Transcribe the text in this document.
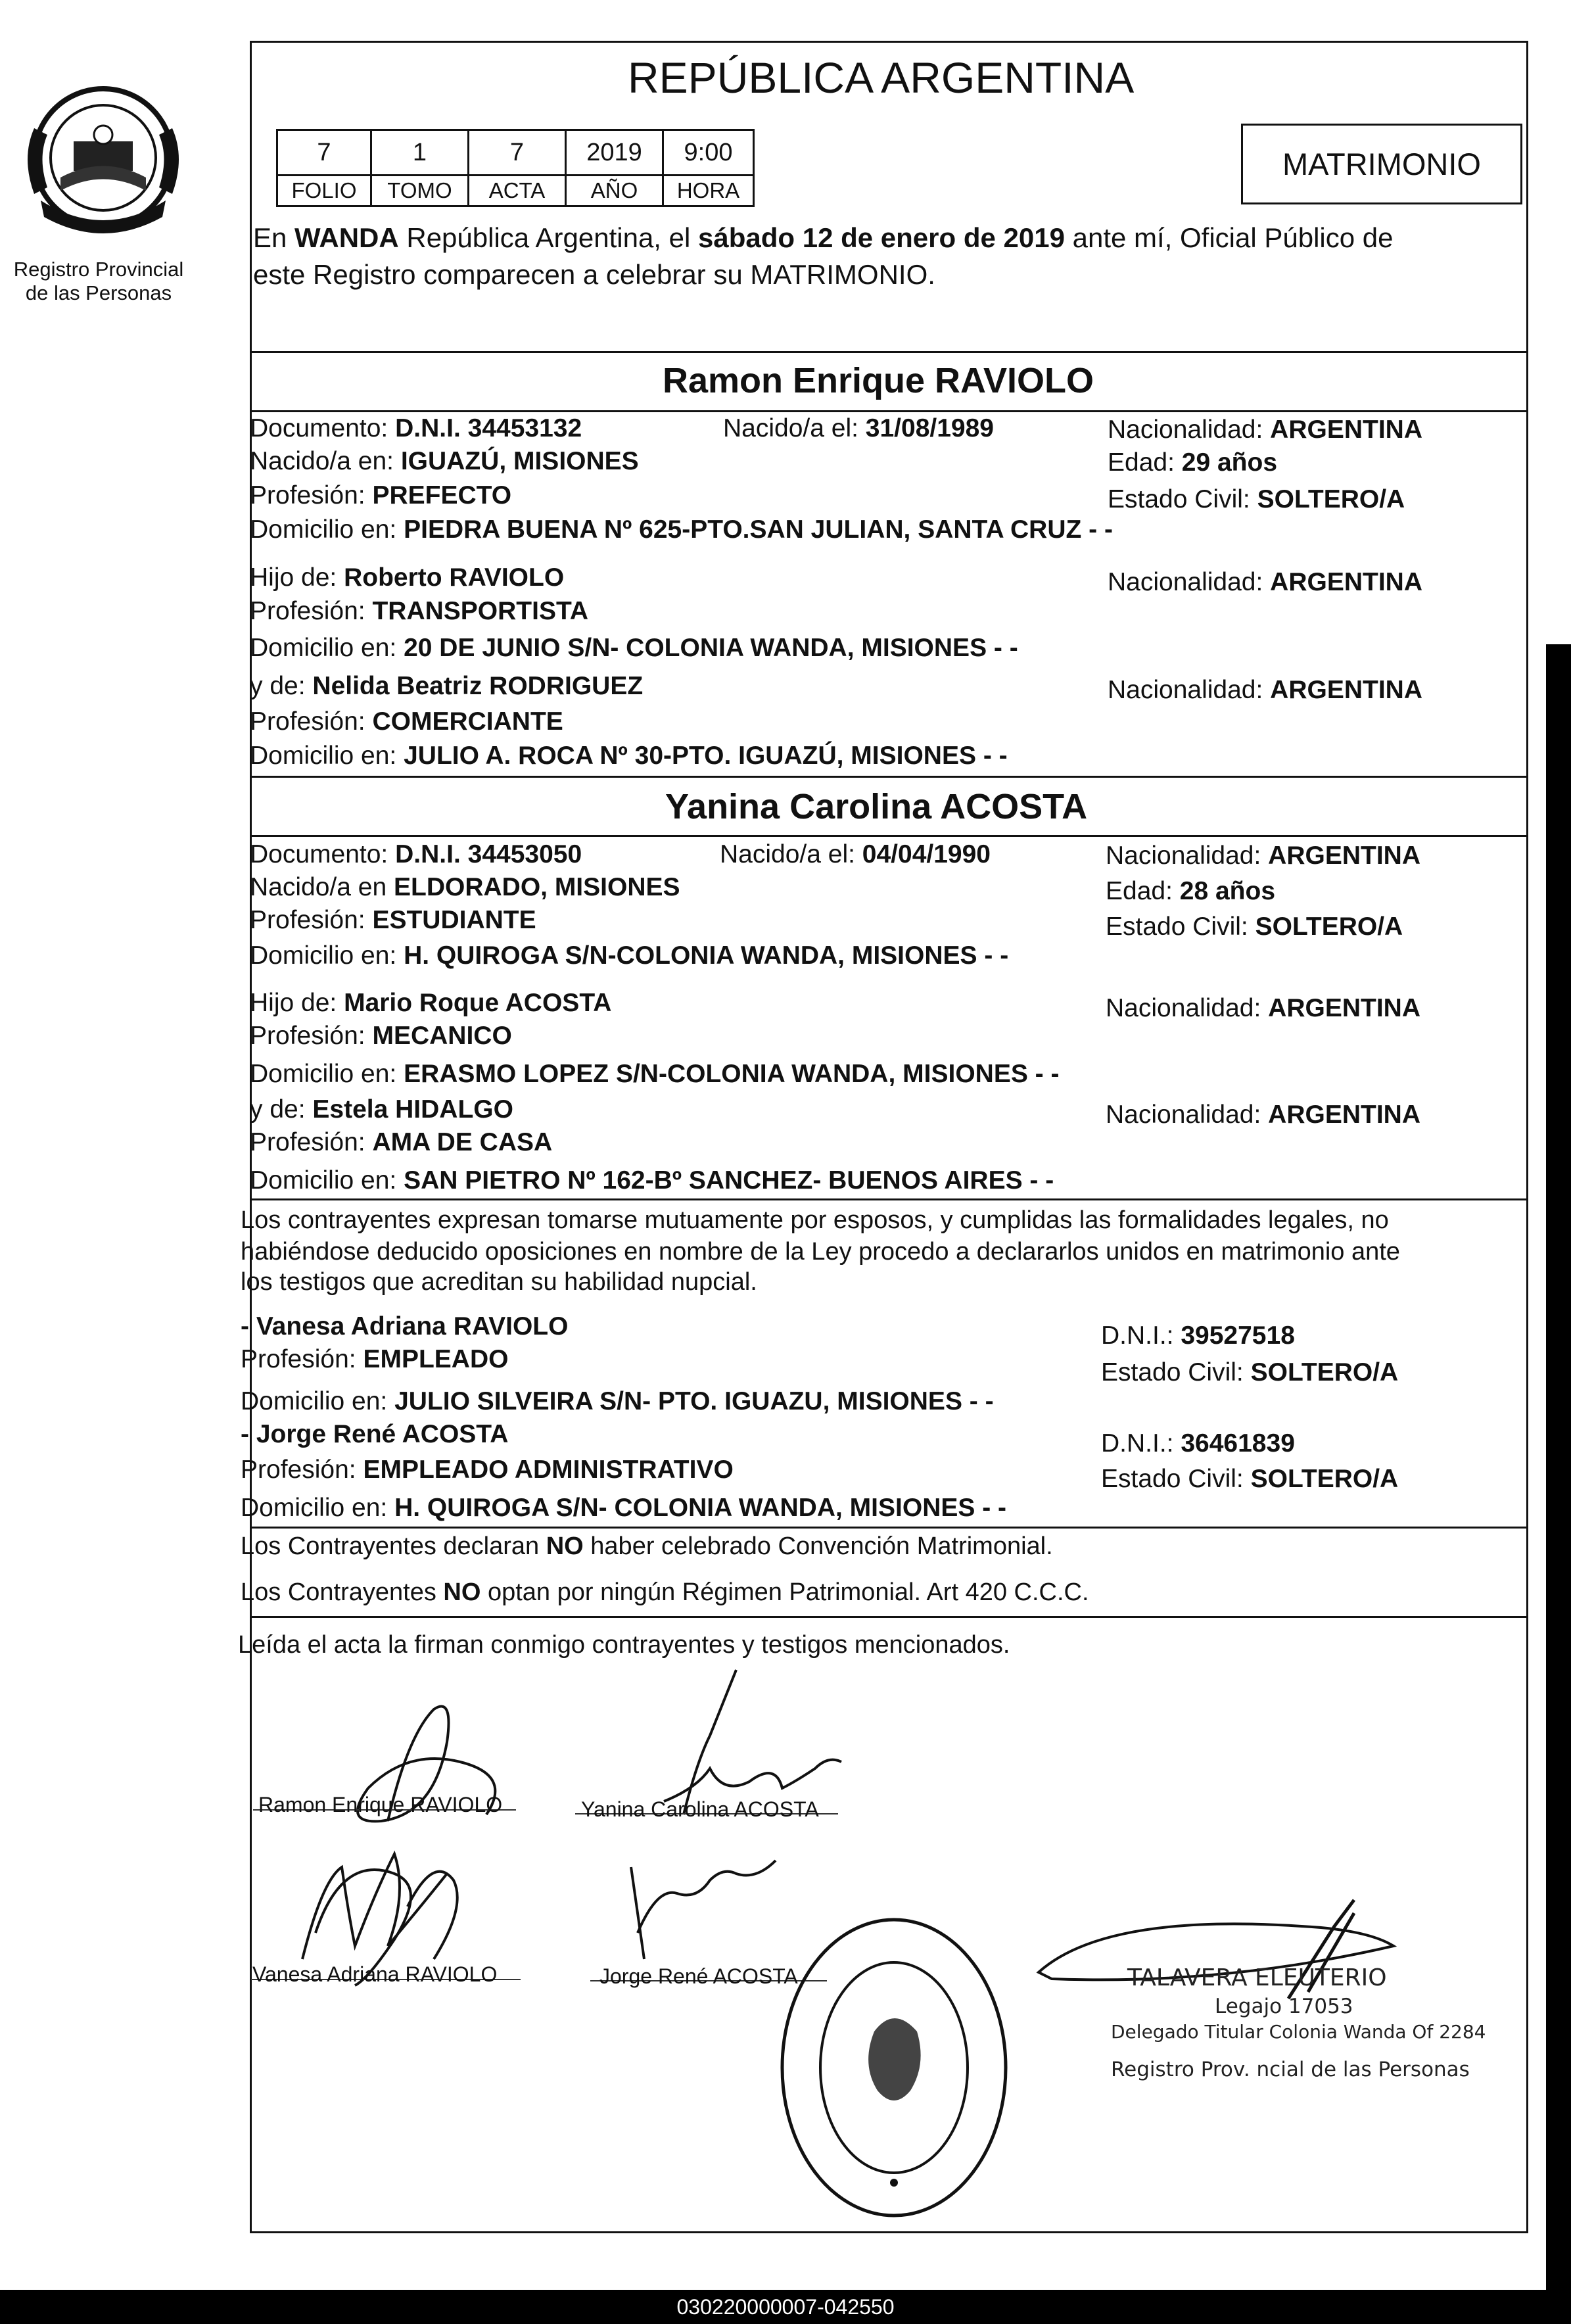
Registro Provincial
de las Personas
REPÚBLICA ARGENTINA
7	1	7	2019	9:00
FOLIO	TOMO	ACTA	AÑO	HORA
MATRIMONIO
En WANDA República Argentina, el sábado 12 de enero de 2019 ante mí, Oficial Público de
este Registro comparecen a celebrar su MATRIMONIO.
Ramon Enrique RAVIOLO
Documento: D.N.I. 34453132	Nacido/a el: 31/08/1989	Nacionalidad: ARGENTINA
Nacido/a en: IGUAZÚ, MISIONES	Edad: 29 años
Profesión: PREFECTO	Estado Civil: SOLTERO/A
Domicilio en: PIEDRA BUENA Nº 625-PTO.SAN JULIAN, SANTA CRUZ - -
Hijo de: Roberto RAVIOLO	Nacionalidad: ARGENTINA
Profesión: TRANSPORTISTA
Domicilio en: 20 DE JUNIO S/N- COLONIA WANDA, MISIONES - -
y de: Nelida Beatriz RODRIGUEZ	Nacionalidad: ARGENTINA
Profesión: COMERCIANTE
Domicilio en: JULIO A. ROCA Nº 30-PTO. IGUAZÚ, MISIONES - -
Yanina Carolina ACOSTA
Documento: D.N.I. 34453050	Nacido/a el: 04/04/1990	Nacionalidad: ARGENTINA
Nacido/a en ELDORADO, MISIONES	Edad: 28 años
Profesión: ESTUDIANTE	Estado Civil: SOLTERO/A
Domicilio en: H. QUIROGA S/N-COLONIA WANDA, MISIONES - -
Hijo de: Mario Roque ACOSTA	Nacionalidad: ARGENTINA
Profesión: MECANICO
Domicilio en: ERASMO LOPEZ S/N-COLONIA WANDA, MISIONES - -
y de: Estela HIDALGO	Nacionalidad: ARGENTINA
Profesión: AMA DE CASA
Domicilio en: SAN PIETRO Nº 162-Bº SANCHEZ- BUENOS AIRES - -
Los contrayentes expresan tomarse mutuamente por esposos, y cumplidas las formalidades legales, no
habiéndose deducido oposiciones en nombre de la Ley procedo a declararlos unidos en matrimonio ante
los testigos que acreditan su habilidad nupcial.
- Vanesa Adriana RAVIOLO	D.N.I.: 39527518
Profesión: EMPLEADO	Estado Civil: SOLTERO/A
Domicilio en: JULIO SILVEIRA S/N- PTO. IGUAZU, MISIONES - -
- Jorge René ACOSTA	D.N.I.: 36461839
Profesión: EMPLEADO ADMINISTRATIVO	Estado Civil: SOLTERO/A
Domicilio en: H. QUIROGA S/N- COLONIA WANDA, MISIONES - -
Los Contrayentes declaran NO haber celebrado Convención Matrimonial.
Los Contrayentes NO optan por ningún Régimen Patrimonial. Art 420 C.C.C.
Leída el acta la firman conmigo contrayentes y testigos mencionados.
Ramon Enrique RAVIOLO	Yanina Carolina ACOSTA
Vanesa Adriana RAVIOLO	Jorge René ACOSTA	TALAVERA ELEUTERIO
Legajo 17053
Delegado Titular Colonia Wanda Of 2284
Registro Prov. ncial de las Personas
030220000007-042550
